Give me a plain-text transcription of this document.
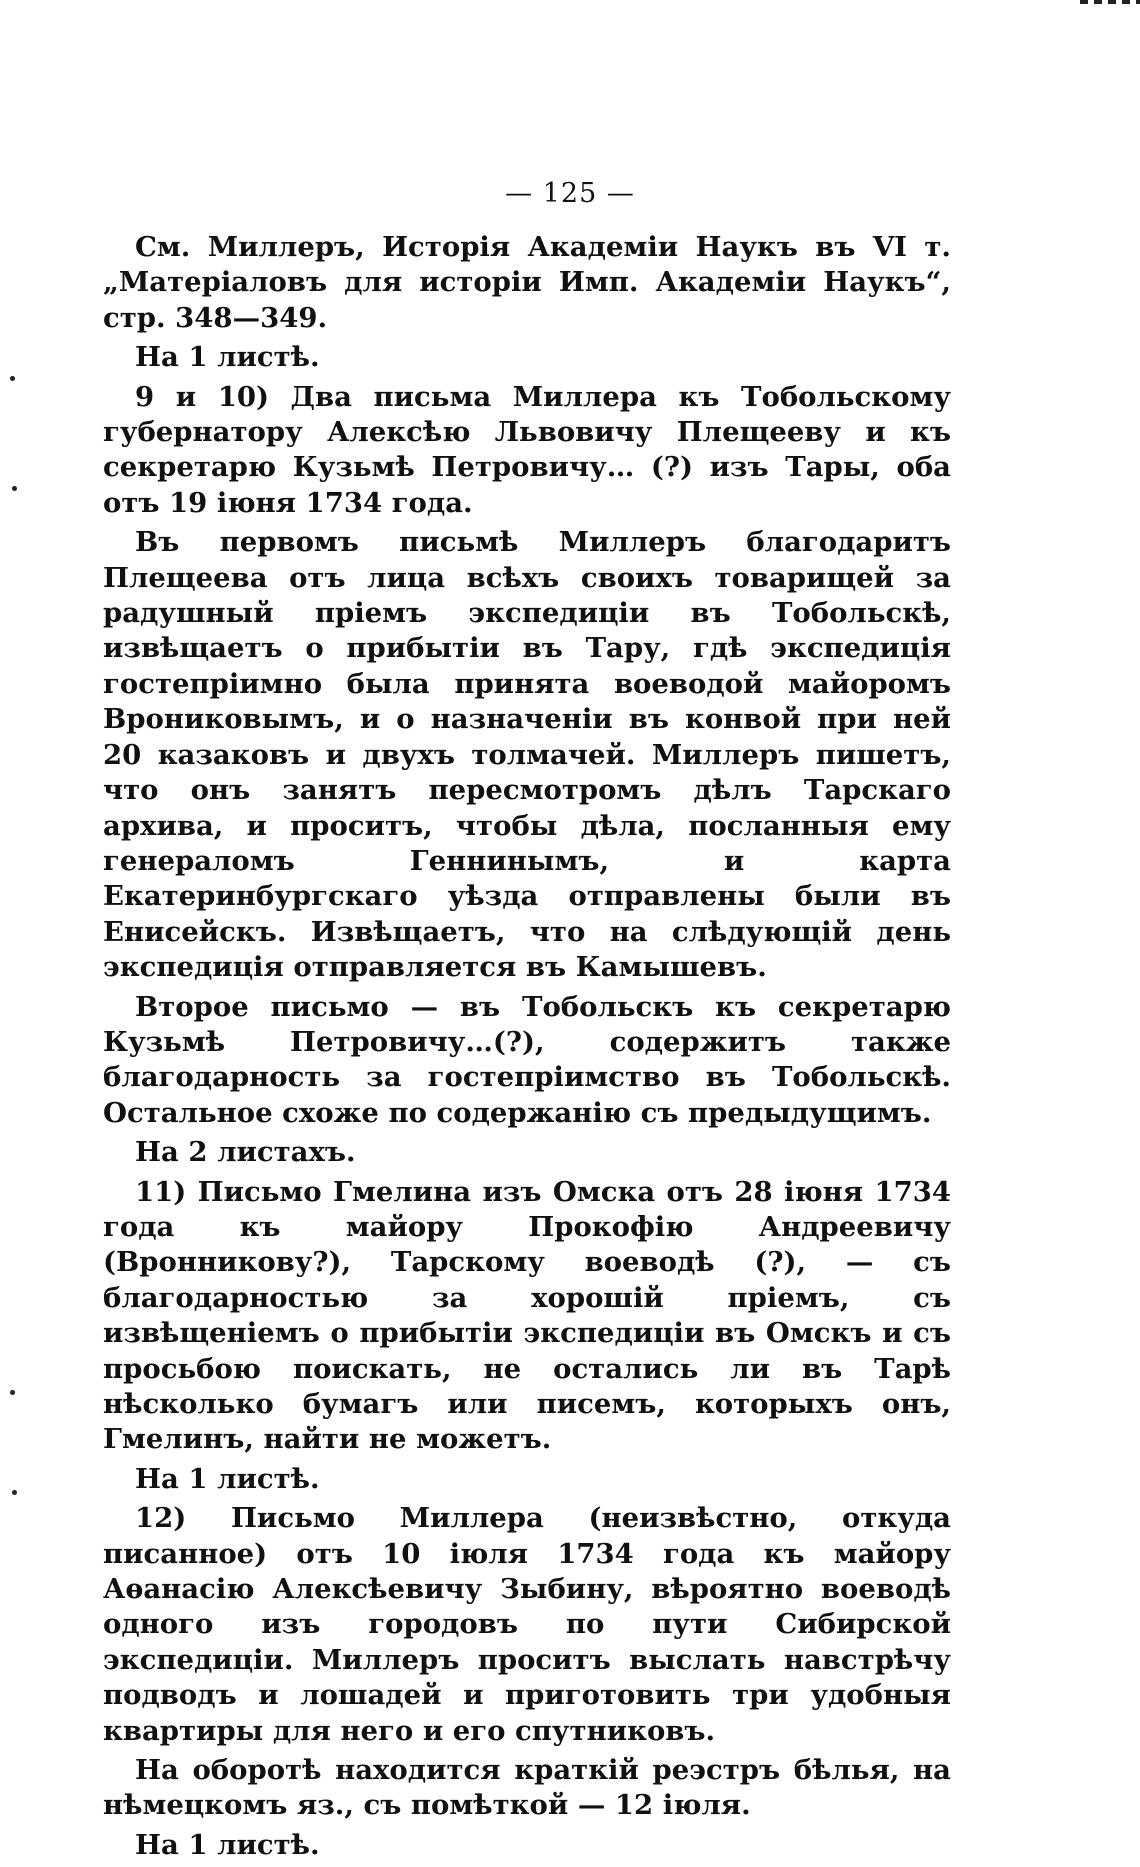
— 125 —

См. Миллеръ, Исторія Академіи Наукъ въ VI т. „Матеріаловъ для исторіи Имп. Академіи Наукъ“, стр. 348—349.

На 1 листѣ.

9 и 10) Два письма Миллера къ Тобольскому губернатору Алексѣю Львовичу Плещееву и къ секретарю Кузьмѣ Петровичу… (?) изъ Тары, оба отъ 19 іюня 1734 года.

Въ первомъ письмѣ Миллеръ благодаритъ Плещеева отъ лица всѣхъ своихъ товарищей за радушный пріемъ экспедиціи въ Тобольскѣ, извѣщаетъ о прибытіи въ Тару, гдѣ экспедиція гостепріимно была принята воеводой майоромъ Врониковымъ, и о назначеніи въ конвой при ней 20 казаковъ и двухъ толмачей. Миллеръ пишетъ, что онъ занятъ пересмотромъ дѣлъ Тарскаго архива, и проситъ, чтобы дѣла, посланныя ему генераломъ Геннинымъ, и карта Екатеринбургскаго уѣзда отправлены были въ Енисейскъ. Извѣщаетъ, что на слѣдующій день экспедиція отправляется въ Камышевъ.

Второе письмо — въ Тобольскъ къ секретарю Кузьмѣ Петровичу…(?), содержитъ также благодарность за гостепріимство въ Тобольскѣ. Остальное схоже по содержанію съ предыдущимъ.

На 2 листахъ.

11) Письмо Гмелина изъ Омска отъ 28 іюня 1734 года къ майору Прокофію Андреевичу (Вронникову?), Тарскому воеводѣ (?), — съ благодарностью за хорошій пріемъ, съ извѣщеніемъ о прибытіи экспедиціи въ Омскъ и съ просьбою поискать, не остались ли въ Тарѣ нѣсколько бумагъ или писемъ, которыхъ онъ, Гмелинъ, найти не можетъ.

На 1 листѣ.

12) Письмо Миллера (неизвѣстно, откуда писанное) отъ 10 іюля 1734 года къ майору Аѳанасію Алексѣевичу Зыбину, вѣроятно воеводѣ одного изъ городовъ по пути Сибирской экспедиціи. Миллеръ проситъ выслать навстрѣчу подводъ и лошадей и приготовить три удобныя квартиры для него и его спутниковъ.

На оборотѣ находится краткій реэстръ бѣлья, на нѣмецкомъ яз., съ помѣткой — 12 іюля.

На 1 листѣ.
